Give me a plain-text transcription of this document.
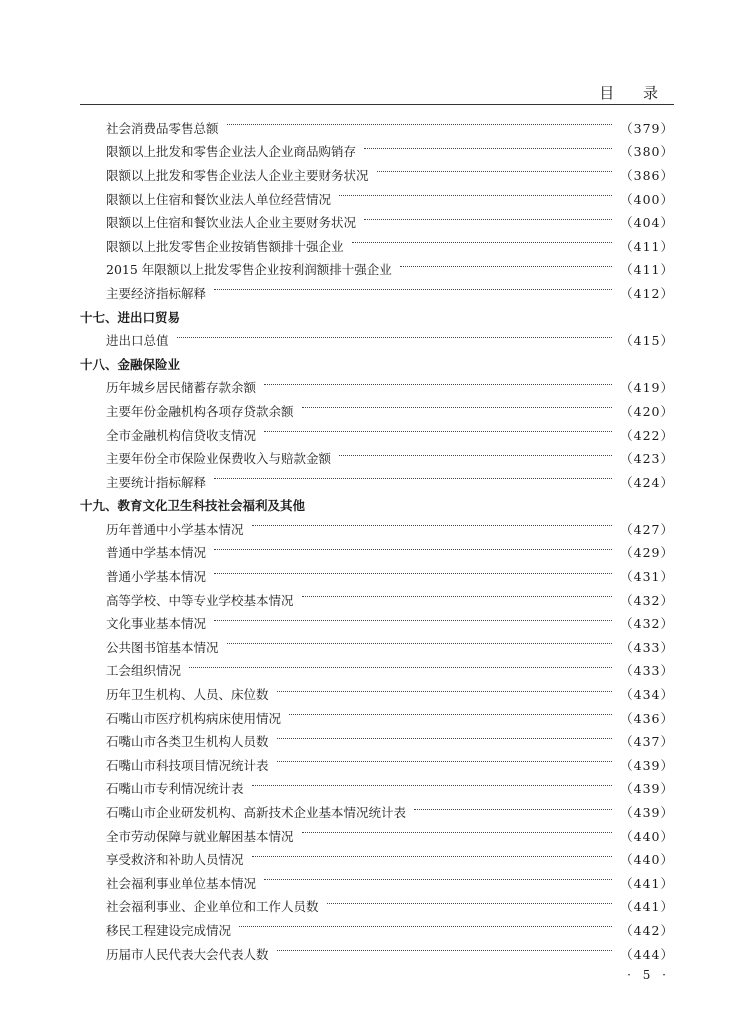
目 录
社会消费品零售总额	（379）
限额以上批发和零售企业法人企业商品购销存	（380）
限额以上批发和零售企业法人企业主要财务状况	（386）
限额以上住宿和餐饮业法人单位经营情况	（400）
限额以上住宿和餐饮业法人企业主要财务状况	（404）
限额以上批发零售企业按销售额排十强企业	（411）
2015 年限额以上批发零售企业按利润额排十强企业	（411）
主要经济指标解释	（412）
十七、进出口贸易
进出口总值	（415）
十八、金融保险业
历年城乡居民储蓄存款余额	（419）
主要年份金融机构各项存贷款余额	（420）
全市金融机构信贷收支情况	（422）
主要年份全市保险业保费收入与赔款金额	（423）
主要统计指标解释	（424）
十九、教育文化卫生科技社会福利及其他
历年普通中小学基本情况	（427）
普通中学基本情况	（429）
普通小学基本情况	（431）
高等学校、中等专业学校基本情况	（432）
文化事业基本情况	（432）
公共图书馆基本情况	（433）
工会组织情况	（433）
历年卫生机构、人员、床位数	（434）
石嘴山市医疗机构病床使用情况	（436）
石嘴山市各类卫生机构人员数	（437）
石嘴山市科技项目情况统计表	（439）
石嘴山市专利情况统计表	（439）
石嘴山市企业研发机构、高新技术企业基本情况统计表	（439）
全市劳动保障与就业解困基本情况	（440）
享受救济和补助人员情况	（440）
社会福利事业单位基本情况	（441）
社会福利事业、企业单位和工作人员数	（441）
移民工程建设完成情况	（442）
历届市人民代表大会代表人数	（444）
· 5 ·
